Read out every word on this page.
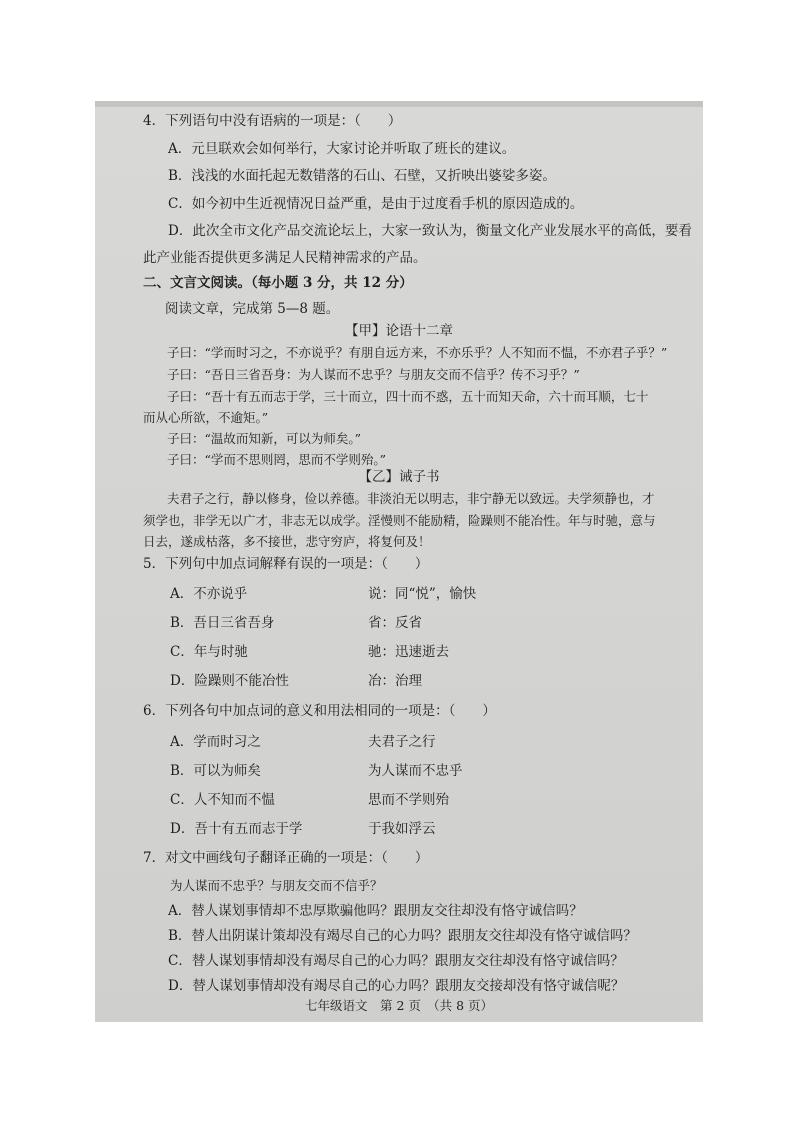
4．下列语句中没有语病的一项是：（　　）
A．元旦联欢会如何举行，大家讨论并听取了班长的建议。
B．浅浅的水面托起无数错落的石山、石壁，又折映出婆娑多姿。
C．如今初中生近视情况日益严重，是由于过度看手机的原因造成的。
D．此次全市文化产品交流论坛上，大家一致认为，衡量文化产业发展水平的高低，要看
此产业能否提供更多满足人民精神需求的产品。
二、文言文阅读。（每小题 3 分，共 12 分）
阅读文章，完成第 5—8 题。
【甲】论语十二章
子曰：“学而时习之，不亦说乎？有朋自远方来，不亦乐乎？人不知而不愠，不亦君子乎？”
子曰：“吾日三省吾身：为人谋而不忠乎？与朋友交而不信乎？传不习乎？”
子曰：“吾十有五而志于学，三十而立，四十而不惑，五十而知天命，六十而耳顺，七十
而从心所欲，不逾矩。”
子曰：“温故而知新，可以为师矣。”
子曰：“学而不思则罔，思而不学则殆。”
【乙】诫子书
夫君子之行，静以修身，俭以养德。非淡泊无以明志，非宁静无以致远。夫学须静也，才
须学也，非学无以广才，非志无以成学。淫慢则不能励精，险躁则不能冶性。年与时驰，意与
日去，遂成枯落，多不接世，悲守穷庐，将复何及！
5．下列句中加点词解释有误的一项是：（　　）
A．不亦说乎	说：同“悦”，愉快
B．吾日三省吾身	省：反省
C．年与时驰	驰：迅速逝去
D．险躁则不能冶性	冶：治理
6．下列各句中加点词的意义和用法相同的一项是：（　　）
A．学而时习之	夫君子之行
B．可以为师矣	为人谋而不忠乎
C．人不知而不愠	思而不学则殆
D．吾十有五而志于学	于我如浮云
7．对文中画线句子翻译正确的一项是：（　　）
为人谋而不忠乎？与朋友交而不信乎？
A．替人谋划事情却不忠厚欺骗他吗？跟朋友交往却没有恪守诚信吗？
B．替人出阴谋计策却没有竭尽自己的心力吗？跟朋友交往却没有恪守诚信吗？
C．替人谋划事情却没有竭尽自己的心力吗？跟朋友交往却没有恪守诚信吗？
D．替人谋划事情却没有竭尽自己的心力吗？跟朋友交接却没有恪守诚信呢？
七年级语文　第 2 页　（共 8 页）
